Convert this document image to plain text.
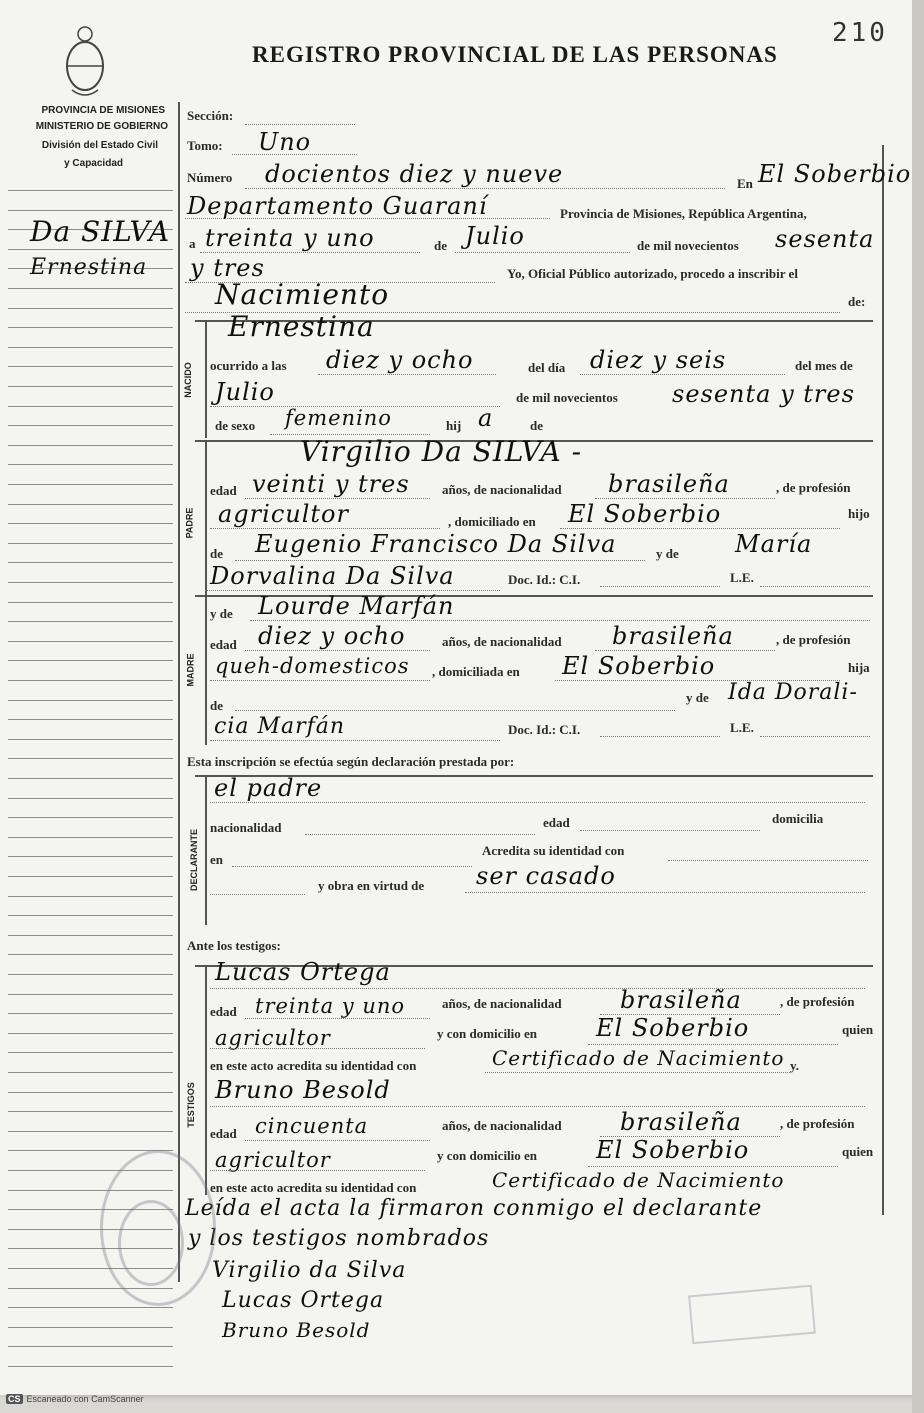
210
REGISTRO PROVINCIAL DE LAS PERSONAS
PROVINCIA DE MISIONES
MINISTERIO DE GOBIERNO
División del Estado Civil
y Capacidad
Da SILVA
Ernestina
NACIDO
PADRE
MADRE
DECLARANTE
TESTIGOS
Sección:
Tomo: Uno
Número docientos diez y nueve	En El Soberbio
Departamento Guaraní	Provincia de Misiones, República Argentina,
a treinta y uno	de Julio	de mil novecientos sesenta
y tres	Yo, Oficial Público autorizado, procedo a inscribir el
Nacimiento	de:
Ernestina
ocurrido a las diez y ocho	del día diez y seis	del mes de
Julio	de mil novecientos sesenta y tres
de sexo femenino	hij a	de
Virgilio Da SILVA -
edad veinti y tres años, de nacionalidad brasileña	, de profesión
agricultor	, domiciliado en El Soberbio	hijo
de Eugenio Francisco Da Silva	y de María
Dorvalina Da Silva	Doc. Id.: C.I.	L.E.
y de Lourde Marfán
edad diez y ocho	años, de nacionalidad brasileña	, de profesión
queh-domesticos , domiciliada en El Soberbio	hija
de
y de Ida Dorali-
cia Marfán	Doc. Id.: C.I.	L.E.
Esta inscripción se efectúa según declaración prestada por:
el padre
nacionalidad	edad	domicilia
en
Acredita su identidad con
y obra en virtud de ser casado
Ante los testigos:
Lucas Ortega
edad treinta y uno	años, de nacionalidad brasileña	, de profesión
agricultor	y con domicilio en El Soberbio	quien
en este acto acredita su identidad con	Certificado de Nacimiento y.
Bruno Besold
edad cincuenta	años, de nacionalidad brasileña	, de profesión
agricultor	y con domicilio en El Soberbio	quien
en este acto acredita su identidad con	Certificado de Nacimiento
Leída el acta la firmaron conmigo el declarante
y los testigos nombrados
Virgilio da Silva
Lucas Ortega
Bruno Besold
CS Escaneado con CamScanner
